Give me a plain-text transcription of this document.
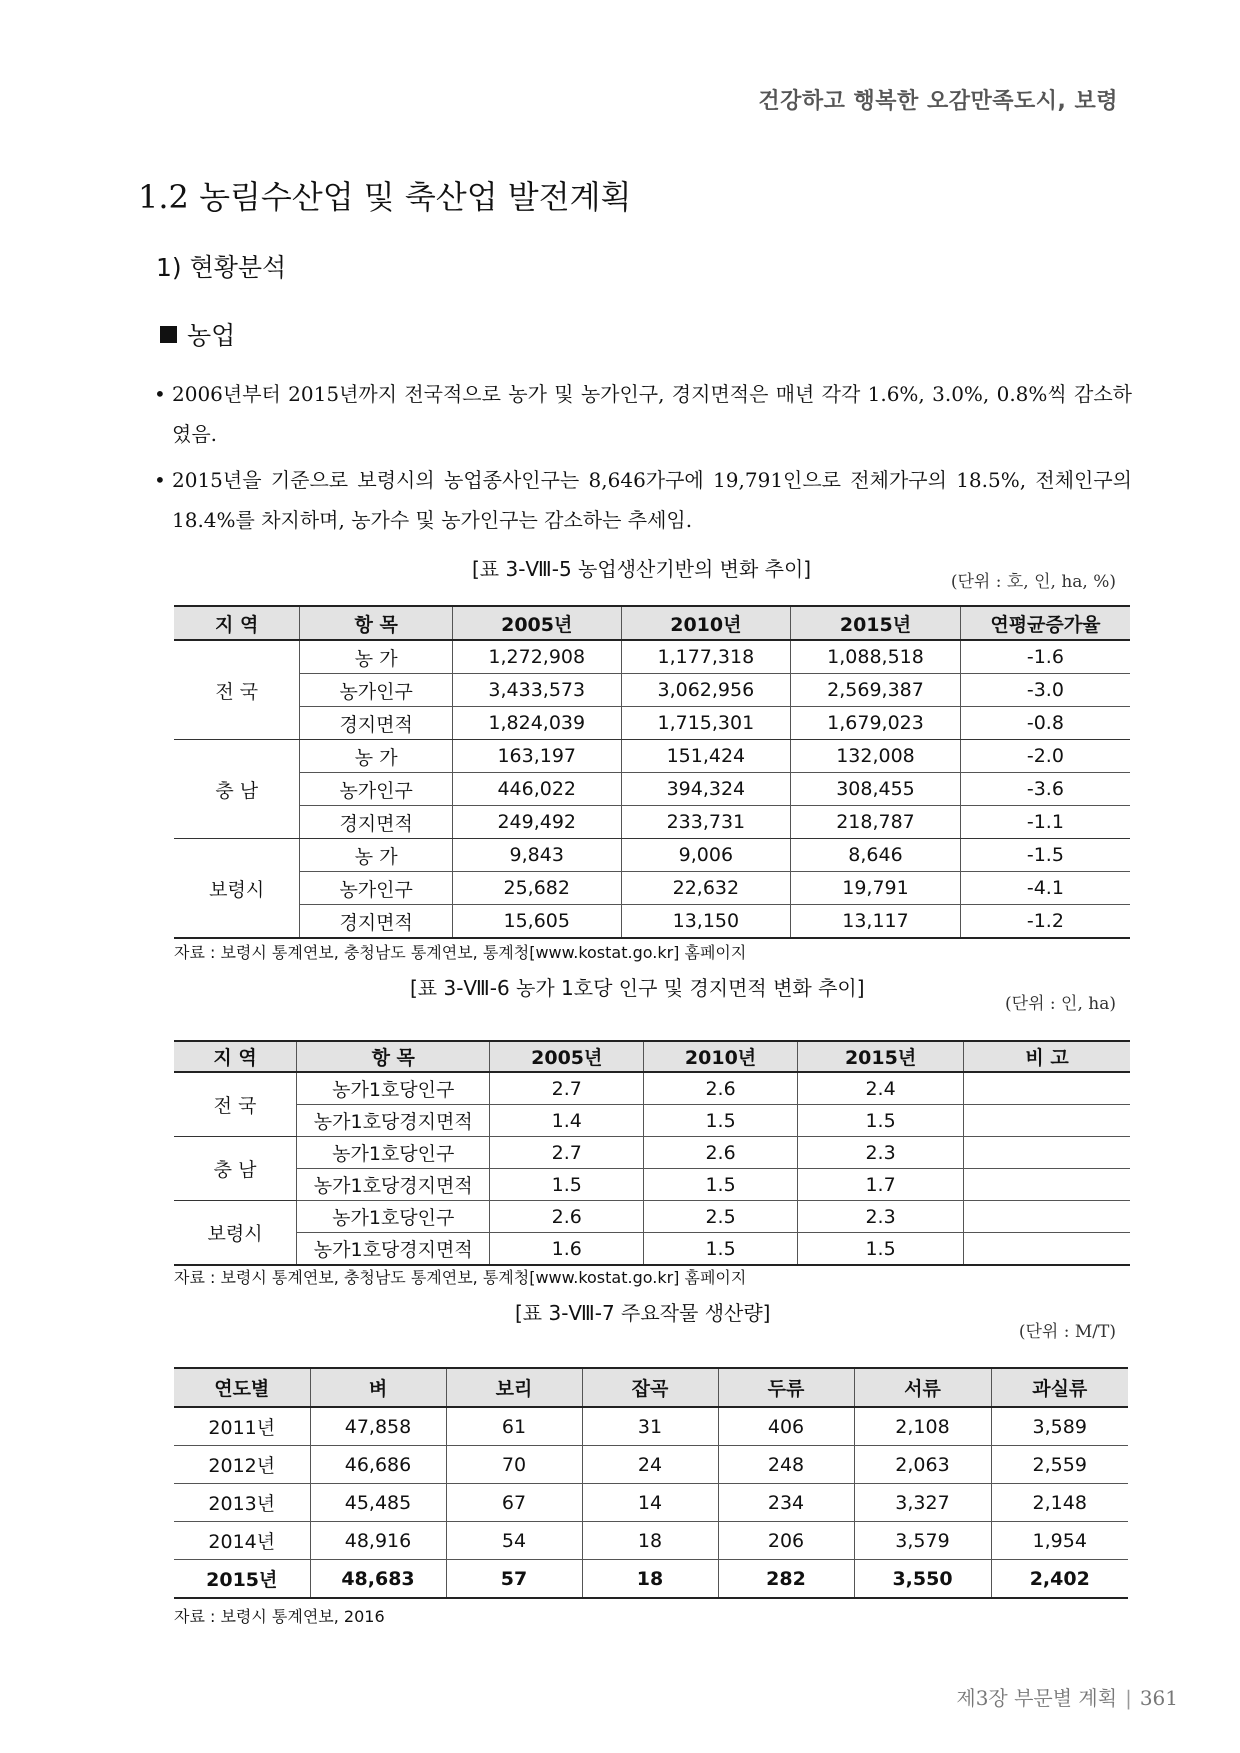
건강하고 행복한 오감만족도시, 보령
1.2 농림수산업 및 축산업 발전계획
1) 현황분석
농업
• 2006년부터 2015년까지 전국적으로 농가 및 농가인구, 경지면적은 매년 각각 1.6%, 3.0%, 0.8%씩 감소하였음.
• 2015년을 기준으로 보령시의 농업종사인구는 8,646가구에 19,791인으로 전체가구의 18.5%, 전체인구의 18.4%를 차지하며, 농가수 및 농가인구는 감소하는 추세임.
[표 3-Ⅷ-5 농업생산기반의 변화 추이]
(단위 : 호, 인, ha, %)
지 역	항 목	2005년	2010년	2015년	연평균증가율
전 국	농 가	1,272,908	1,177,318	1,088,518	-1.6
	농가인구	3,433,573	3,062,956	2,569,387	-3.0
	경지면적	1,824,039	1,715,301	1,679,023	-0.8
충 남	농 가	163,197	151,424	132,008	-2.0
	농가인구	446,022	394,324	308,455	-3.6
	경지면적	249,492	233,731	218,787	-1.1
보령시	농 가	9,843	9,006	8,646	-1.5
	농가인구	25,682	22,632	19,791	-4.1
	경지면적	15,605	13,150	13,117	-1.2
자료 : 보령시 통계연보, 충청남도 통계연보, 통계청[www.kostat.go.kr] 홈페이지
[표 3-Ⅷ-6 농가 1호당 인구 및 경지면적 변화 추이]
(단위 : 인, ha)
지 역	항 목	2005년	2010년	2015년	비 고
전 국	농가1호당인구	2.7	2.6	2.4	
	농가1호당경지면적	1.4	1.5	1.5	
충 남	농가1호당인구	2.7	2.6	2.3	
	농가1호당경지면적	1.5	1.5	1.7	
보령시	농가1호당인구	2.6	2.5	2.3	
	농가1호당경지면적	1.6	1.5	1.5	
자료 : 보령시 통계연보, 충청남도 통계연보, 통계청[www.kostat.go.kr] 홈페이지
[표 3-Ⅷ-7 주요작물 생산량]
(단위 : M/T)
연도별	벼	보리	잡곡	두류	서류	과실류
2011년	47,858	61	31	406	2,108	3,589
2012년	46,686	70	24	248	2,063	2,559
2013년	45,485	67	14	234	3,327	2,148
2014년	48,916	54	18	206	3,579	1,954
2015년	48,683	57	18	282	3,550	2,402
자료 : 보령시 통계연보, 2016
제3장 부문별 계획 | 361
